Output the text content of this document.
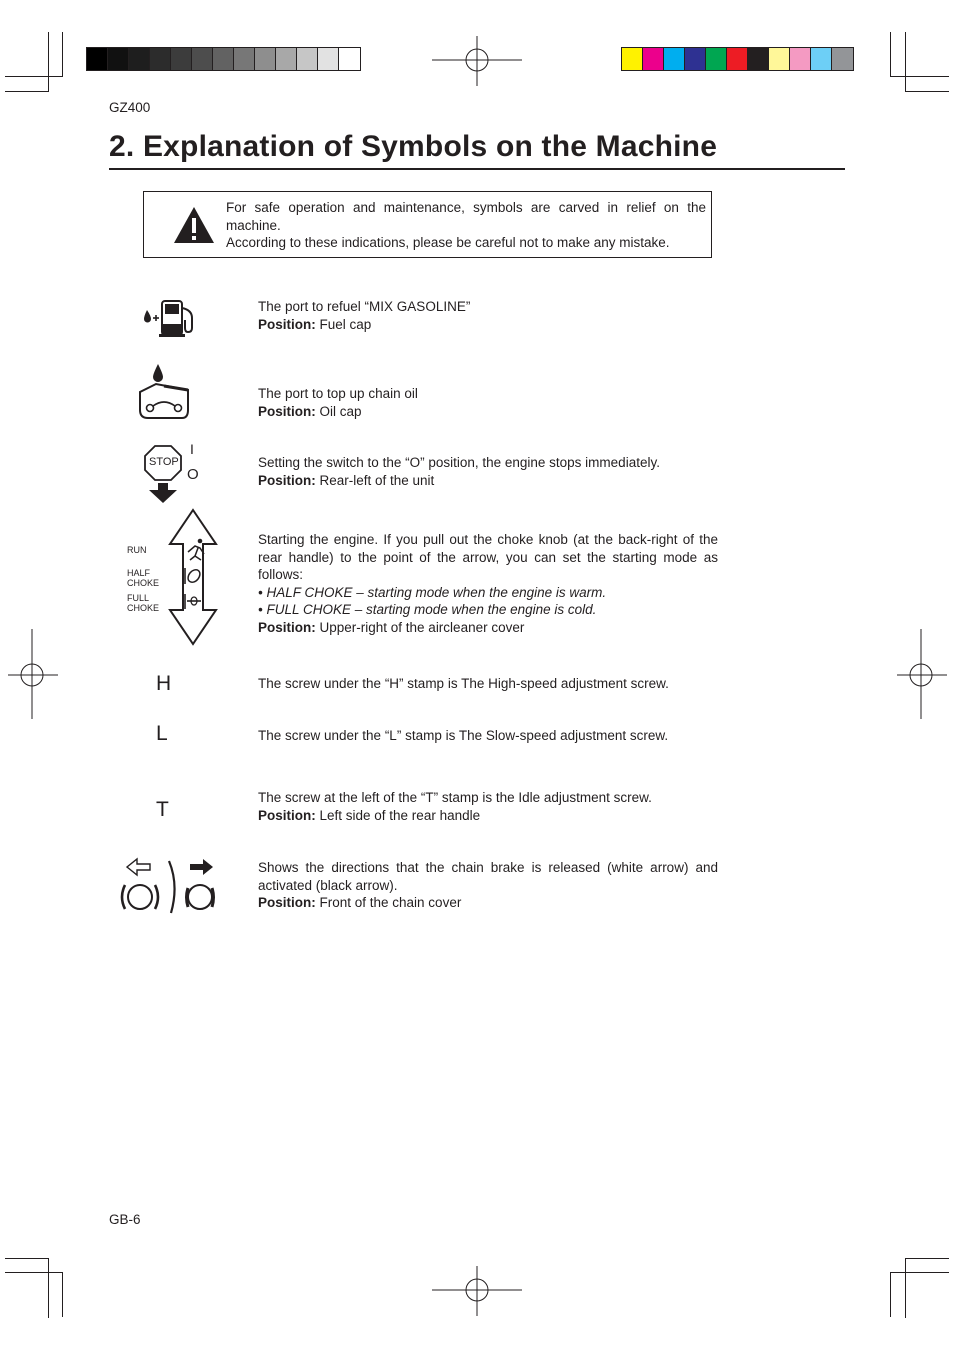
GZ400
2. Explanation of Symbols on the Machine
For safe operation and maintenance, symbols are carved in relief on the machine.
According to these indications, please be careful not to make any mistake.
The port to refuel “MIX GASOLINE”
Position: Fuel cap
The port to top up chain oil
Position: Oil cap
STOP
I
O
Setting the switch to the “O” position, the engine stops immediately.
Position: Rear-left of the unit
RUN
HALF
CHOKE
FULL
CHOKE
Starting the engine. If you pull out the choke knob (at the back-right of the rear handle) to the point of the arrow, you can set the starting mode as follows:
• HALF CHOKE – starting mode when the engine is warm.
• FULL CHOKE – starting mode when the engine is cold.
Position: Upper-right of the aircleaner cover
H	The screw under the “H” stamp is The High-speed adjustment screw.
L	The screw under the “L” stamp is The Slow-speed adjustment screw.
T
The screw at the left of the “T” stamp is the Idle adjustment screw.
Position: Left side of the rear handle
Shows the directions that the chain brake is released (white arrow) and activated (black arrow).
Position: Front of the chain cover
GB-6
